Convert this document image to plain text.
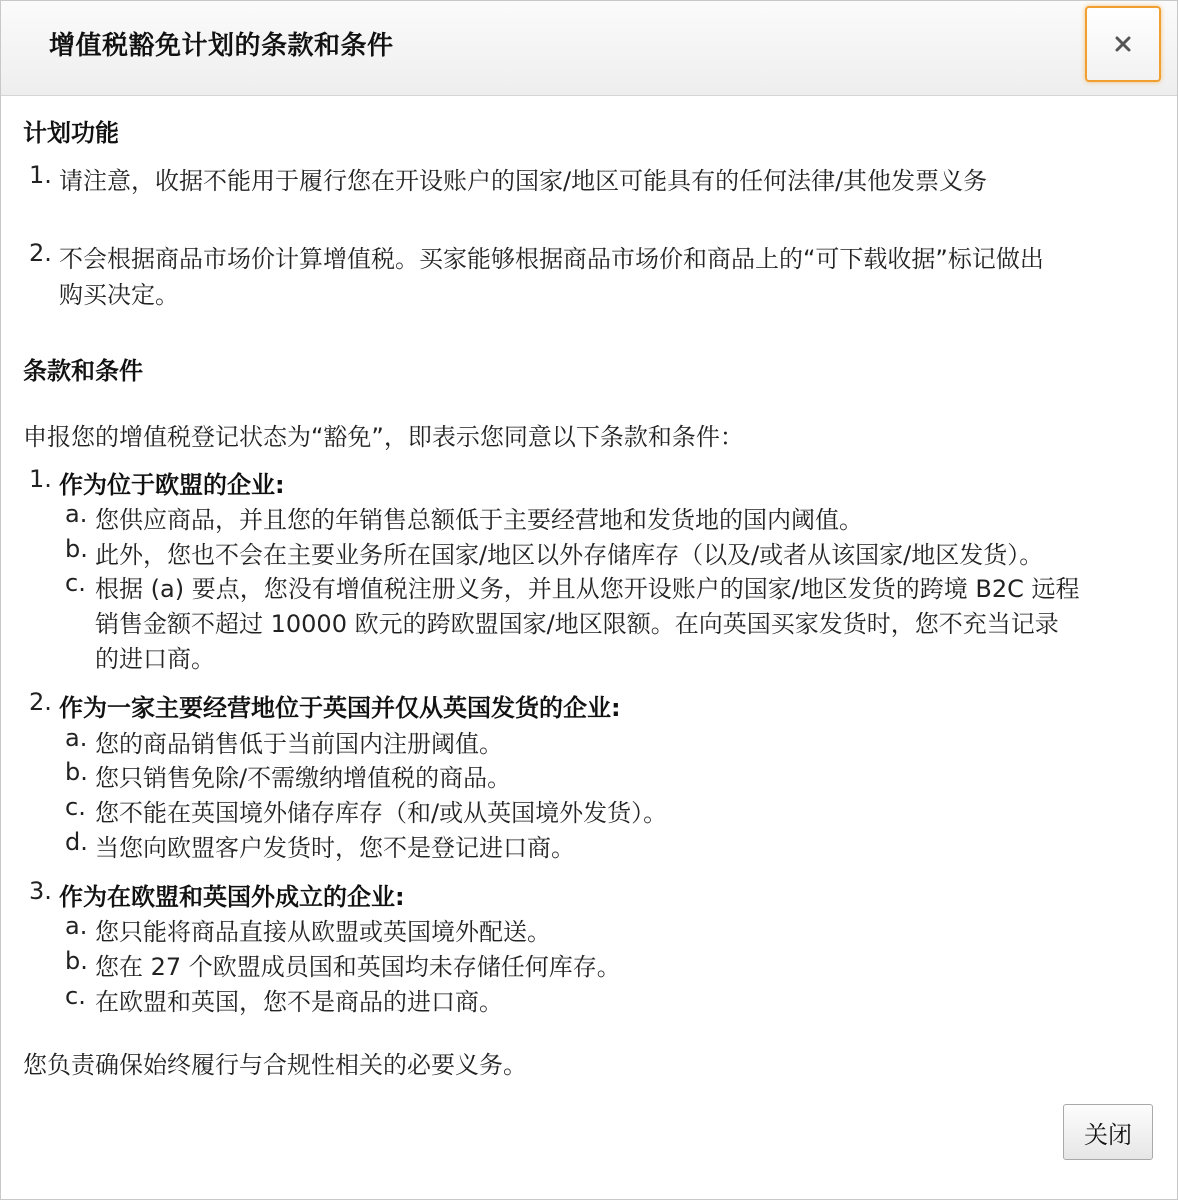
增值税豁免计划的条款和条件
计划功能
1. 请注意，收据不能用于履行您在开设账户的国家/地区可能具有的任何法律/其他发票义务
2. 不会根据商品市场价计算增值税。买家能够根据商品市场价和商品上的“可下载收据”标记做出
购买决定。
条款和条件
申报您的增值税登记状态为“豁免”，即表示您同意以下条款和条件：
1. 作为位于欧盟的企业:
a. 您供应商品，并且您的年销售总额低于主要经营地和发货地的国内阈值。
b. 此外，您也不会在主要业务所在国家/地区以外存储库存（以及/或者从该国家/地区发货）。
c. 根据 (a) 要点，您没有增值税注册义务，并且从您开设账户的国家/地区发货的跨境 B2C 远程
销售金额不超过 10000 欧元的跨欧盟国家/地区限额。在向英国买家发货时，您不充当记录
的进口商。
2. 作为一家主要经营地位于英国并仅从英国发货的企业:
a. 您的商品销售低于当前国内注册阈值。
b. 您只销售免除/不需缴纳增值税的商品。
c. 您不能在英国境外储存库存（和/或从英国境外发货）。
d. 当您向欧盟客户发货时，您不是登记进口商。
3. 作为在欧盟和英国外成立的企业:
a. 您只能将商品直接从欧盟或英国境外配送。
b. 您在 27 个欧盟成员国和英国均未存储任何库存。
c. 在欧盟和英国，您不是商品的进口商。
您负责确保始终履行与合规性相关的必要义务。
关闭
